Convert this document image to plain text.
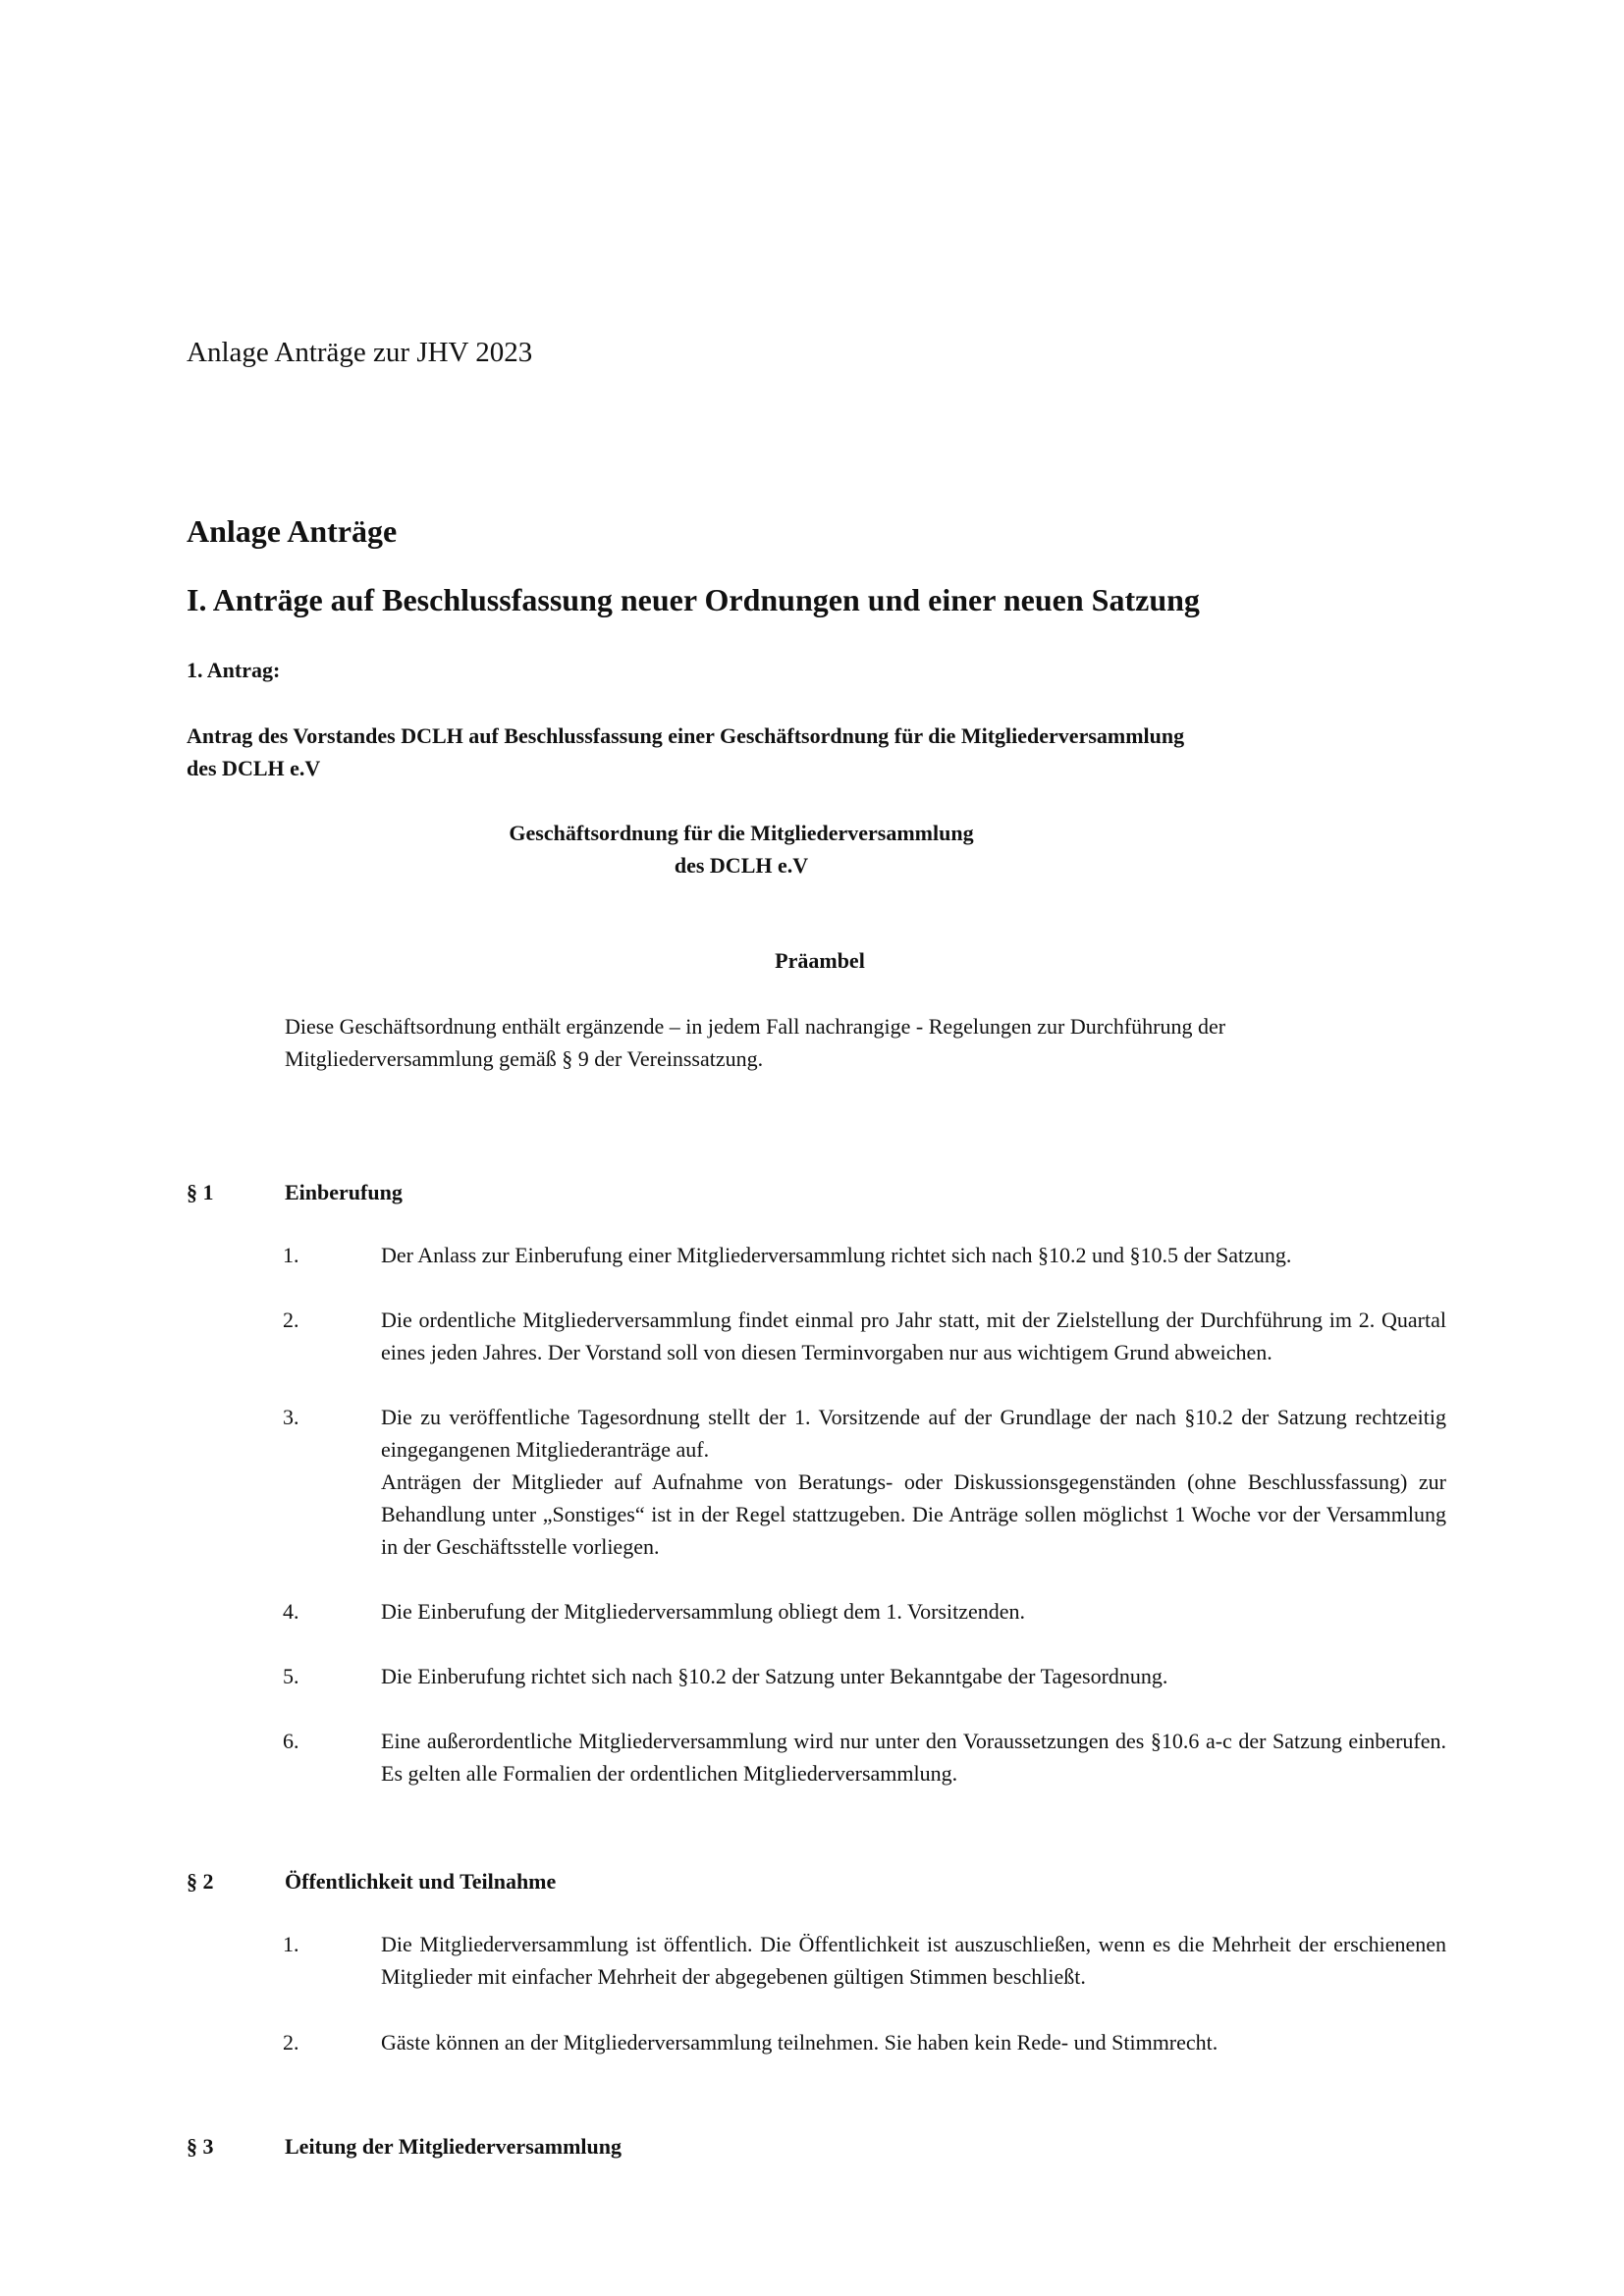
Anlage Anträge zur JHV 2023

Anlage Anträge
I. Anträge auf Beschlussfassung neuer Ordnungen und einer neuen Satzung

1. Antrag:

Antrag des Vorstandes DCLH auf Beschlussfassung einer Geschäftsordnung für die Mitgliederversammlung
des DCLH e.V
Geschäftsordnung für die Mitgliederversammlung
des DCLH e.V

Präambel

Diese Geschäftsordnung enthält ergänzende – in jedem Fall nachrangige - Regelungen zur Durchführung der
Mitgliederversammlung gemäß § 9 der Vereinssatzung.
§ 1	Einberufung
1.	Der Anlass zur Einberufung einer Mitgliederversammlung richtet sich nach §10.2 und §10.5 der Satzung.
2.	Die ordentliche Mitgliederversammlung findet einmal pro Jahr statt, mit der Zielstellung der Durchführung im 2. Quartal eines jeden Jahres. Der Vorstand soll von diesen Terminvorgaben nur aus wichtigem Grund abweichen.
3.	Die zu veröffentliche Tagesordnung stellt der 1. Vorsitzende auf der Grundlage der nach §10.2 der Satzung rechtzeitig eingegangenen Mitgliederanträge auf.
Anträgen der Mitglieder auf Aufnahme von Beratungs- oder Diskussionsgegenständen (ohne Beschlussfassung) zur Behandlung unter „Sonstiges“ ist in der Regel stattzugeben. Die Anträge sollen möglichst 1 Woche vor der Versammlung in der Geschäftsstelle vorliegen.
4.	Die Einberufung der Mitgliederversammlung obliegt dem 1. Vorsitzenden.
5.	Die Einberufung richtet sich nach §10.2 der Satzung unter Bekanntgabe der Tagesordnung.
6.	Eine außerordentliche Mitgliederversammlung wird nur unter den Voraussetzungen des §10.6 a-c der Satzung einberufen. Es gelten alle Formalien der ordentlichen Mitgliederversammlung.
§ 2	Öffentlichkeit und Teilnahme
1.	Die Mitgliederversammlung ist öffentlich. Die Öffentlichkeit ist auszuschließen, wenn es die Mehrheit der erschienenen Mitglieder mit einfacher Mehrheit der abgegebenen gültigen Stimmen beschließt.
2.	Gäste können an der Mitgliederversammlung teilnehmen. Sie haben kein Rede- und Stimmrecht.
§ 3	Leitung der Mitgliederversammlung
